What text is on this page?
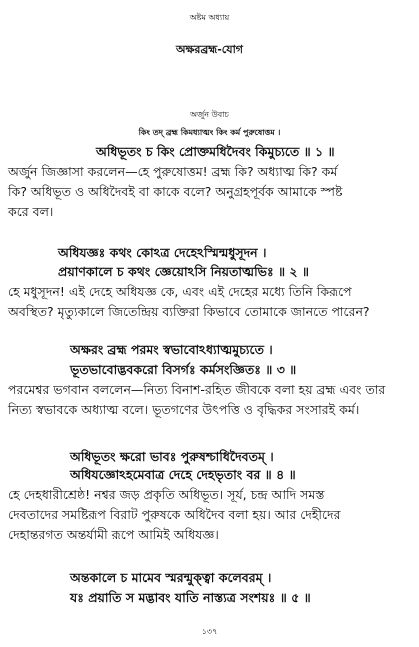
অষ্টম অধ্যায়
অক্ষরব্রহ্ম-যোগ
অর্জুন উবাচ
কিং তদ্ ব্রহ্ম কিমধ্যাত্মং কিং কর্ম পুরুষোত্তম ।
অধিভূতং চ কিং প্রোক্তমধিদৈবং কিমুচ্যতে ॥ ১ ॥
অর্জুন জিজ্ঞাসা করলেন—হে পুরুষোত্তম! ব্রহ্ম কি? অধ্যাত্ম কি? কর্ম
কি? অধিভূত ও অধিদৈবই বা কাকে বলে? অনুগ্রহপূর্বক আমাকে স্পষ্ট
করে বল।
অধিযজ্ঞঃ কথং কোঽত্র দেহেঽস্মিন্মধুসূদন ।
প্রয়াণকালে চ কথং জ্ঞেয়োঽসি নিয়তাত্মভিঃ ॥ ২ ॥
হে মধুসূদন! এই দেহে অধিযজ্ঞ কে, এবং এই দেহের মধ্যে তিনি কিরূপে
অবস্থিত? মৃত্যুকালে জিতেন্দ্রিয় ব্যক্তিরা কিভাবে তোমাকে জানতে পারেন?
অক্ষরং ব্রহ্ম পরমং স্বভাবোঽধ্যাত্মমুচ্যতে ।
ভূতভাবোদ্ভবকরো বিসর্গঃ কর্মসংজ্ঞিতঃ ॥ ৩ ॥
পরমেশ্বর ভগবান বললেন—নিত্য বিনাশ-রহিত জীবকে বলা হয় ব্রহ্ম এবং তার
নিত্য স্বভাবকে অধ্যাত্ম বলে। ভূতগণের উৎপত্তি ও বৃদ্ধিকর সংসারই কর্ম।
অধিভূতং ক্ষরো ভাবঃ পুরুষশ্চাধিদৈবতম্ ।
অধিযজ্ঞোঽহমেবাত্র দেহে দেহভৃতাং বর ॥ ৪ ॥
হে দেহধারীশ্রেষ্ঠ! নশ্বর জড় প্রকৃতি অধিভূত। সূর্য, চন্দ্র আদি সমস্ত
দেবতাদের সমষ্টিরূপ বিরাট পুরুষকে অধিদৈব বলা হয়। আর দেহীদের
দেহান্তরগত অন্তর্যামী রূপে আমিই অধিযজ্ঞ।
অন্তকালে চ মামেব স্মরন্মুক্ত্বা কলেবরম্ ।
যঃ প্রয়াতি স মদ্ভাবং যাতি নাস্ত্যত্র সংশয়ঃ ॥ ৫ ॥
১৩৭
